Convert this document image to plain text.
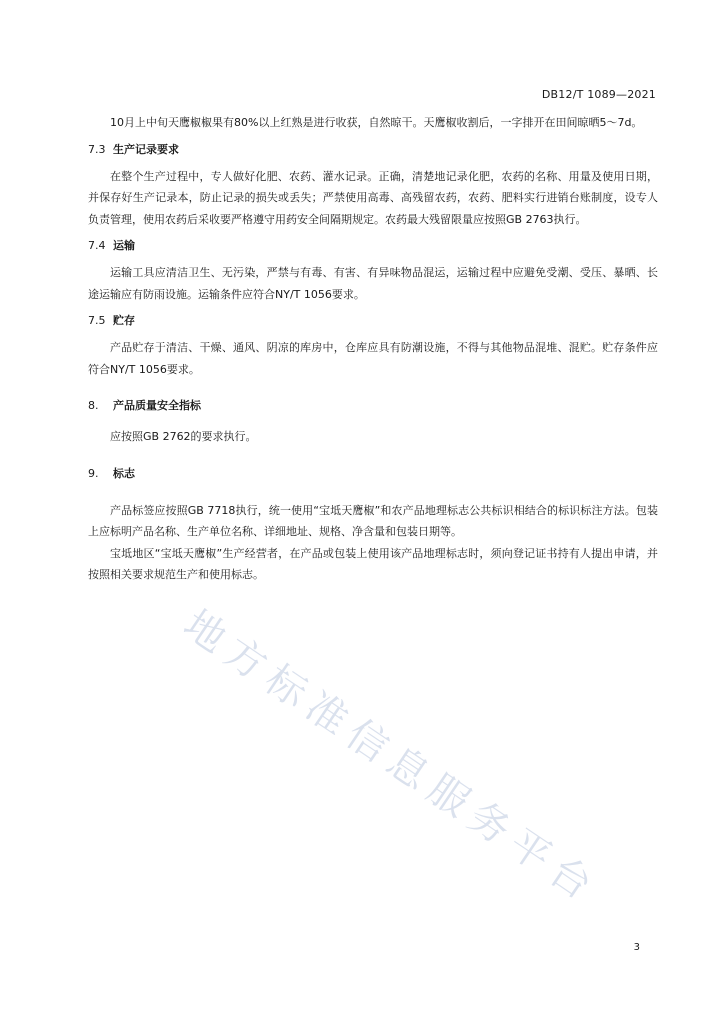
DB12/T 1089—2021

10月上中旬天鹰椒椒果有80%以上红熟是进行收获，自然晾干。天鹰椒收割后，一字排开在田间晾晒5～7d。

7.3 生产记录要求

在整个生产过程中，专人做好化肥、农药、灌水记录。正确，清楚地记录化肥，农药的名称、用量及使用日期，并保存好生产记录本，防止记录的损失或丢失；严禁使用高毒、高残留农药，农药、肥料实行进销台账制度，设专人负责管理，使用农药后采收要严格遵守用药安全间隔期规定。农药最大残留限量应按照GB 2763执行。

7.4 运输

运输工具应清洁卫生、无污染，严禁与有毒、有害、有异味物品混运，运输过程中应避免受潮、受压、暴晒、长途运输应有防雨设施。运输条件应符合NY/T 1056要求。

7.5 贮存

产品贮存于清洁、干燥、通风、阴凉的库房中，仓库应具有防潮设施，不得与其他物品混堆、混贮。贮存条件应符合NY/T 1056要求。

8.	产品质量安全指标

应按照GB 2762的要求执行。

9.	标志

产品标签应按照GB 7718执行，统一使用“宝坻天鹰椒”和农产品地理标志公共标识相结合的标识标注方法。包装上应标明产品名称、生产单位名称、详细地址、规格、净含量和包装日期等。

宝坻地区“宝坻天鹰椒”生产经营者，在产品或包装上使用该产品地理标志时，须向登记证书持有人提出申请，并按照相关要求规范生产和使用标志。

地方标准信息服务平台
3
